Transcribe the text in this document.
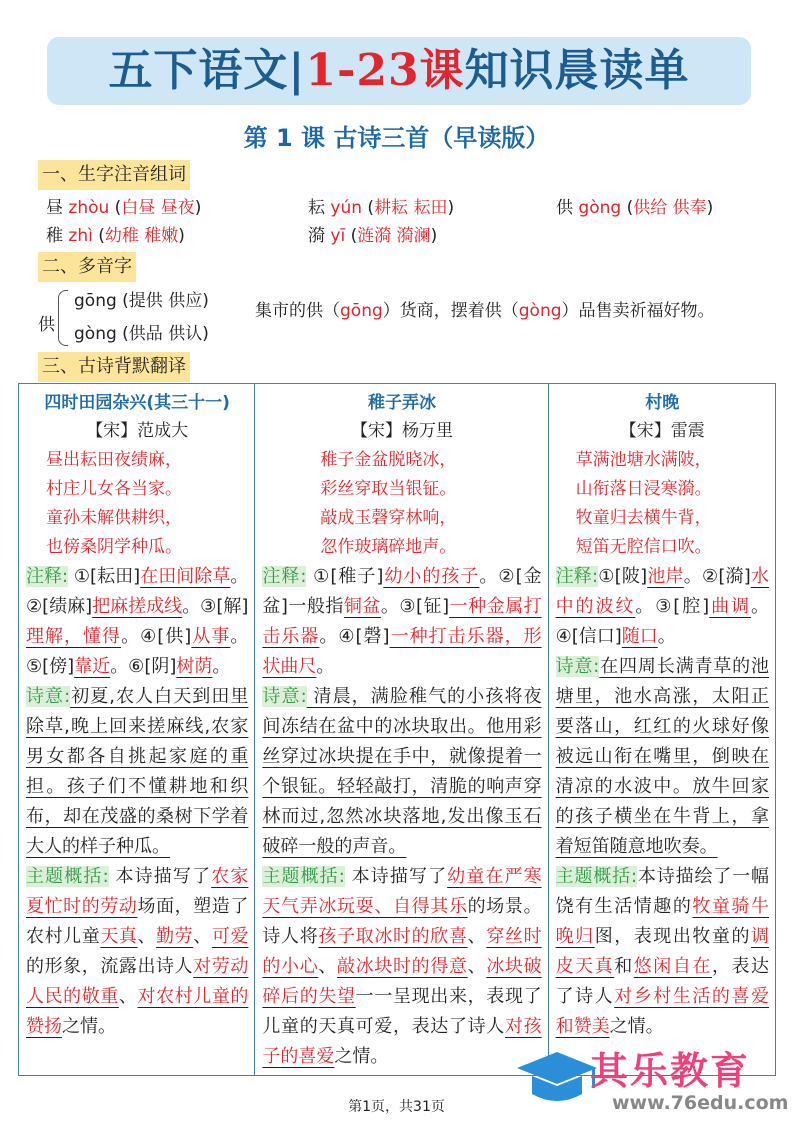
五下语文|1-23课知识晨读单
第 1 课 古诗三首（早读版）
一、生字注音组词
昼 zhòu (白昼 昼夜)	耘 yún (耕耘 耘田)	供 gòng (供给 供奉)
稚 zhì (幼稚 稚嫩)	漪 yī (涟漪 漪澜)
二、多音字
供
gōng (提供 供应)
gòng (供品 供认)
集市的供（gōng）货商，摆着供（gòng）品售卖祈福好物。
三、古诗背默翻译
四时田园杂兴(其三十一)
【宋】范成大
昼出耘田夜绩麻，
村庄儿女各当家。
童孙未解供耕织，
也傍桑阴学种瓜。
注释: ①[耘田]在田间除草。②[绩麻]把麻搓成线。③[解]理解，懂得。④[供]从事。⑤[傍]靠近。⑥[阴]树荫。
诗意:初夏,农人白天到田里除草,晚上回来搓麻线,农家男女都各自挑起家庭的重担。孩子们不懂耕地和织布，却在茂盛的桑树下学着大人的样子种瓜。
主题概括: 本诗描写了农家夏忙时的劳动场面，塑造了农村儿童天真、勤劳、可爱的形象，流露出诗人对劳动人民的敬重、对农村儿童的赞扬之情。
稚子弄冰
【宋】杨万里
稚子金盆脱晓冰，
彩丝穿取当银钲。
敲成玉磬穿林响，
忽作玻璃碎地声。
注释: ①[稚子]幼小的孩子。②[金盆]一般指铜盆。③[钲]一种金属打击乐器。④[磬]一种打击乐器，形状曲尺。
诗意: 清晨，满脸稚气的小孩将夜间冻结在盆中的冰块取出。他用彩丝穿过冰块提在手中，就像提着一个银钲。轻轻敲打，清脆的响声穿林而过,忽然冰块落地,发出像玉石破碎一般的声音。
主题概括: 本诗描写了幼童在严寒天气弄冰玩耍、自得其乐的场景。诗人将孩子取冰时的欣喜、穿丝时的小心、敲冰块时的得意、冰块破碎后的失望一一呈现出来，表现了儿童的天真可爱，表达了诗人对孩子的喜爱之情。
村晚
【宋】雷震
草满池塘水满陂，
山衔落日浸寒漪。
牧童归去横牛背，
短笛无腔信口吹。
注释:①[陂]池岸。②[漪]水中的波纹。③[腔]曲调。④[信口]随口。
诗意:在四周长满青草的池塘里，池水高涨，太阳正要落山，红红的火球好像被远山衔在嘴里，倒映在清凉的水波中。放牛回家的孩子横坐在牛背上，拿着短笛随意地吹奏。
主题概括:本诗描绘了一幅饶有生活情趣的牧童骑牛晚归图，表现出牧童的调皮天真和悠闲自在，表达了诗人对乡村生活的喜爱和赞美之情。
第1页，共31页
其乐教育
www.76edu.com
